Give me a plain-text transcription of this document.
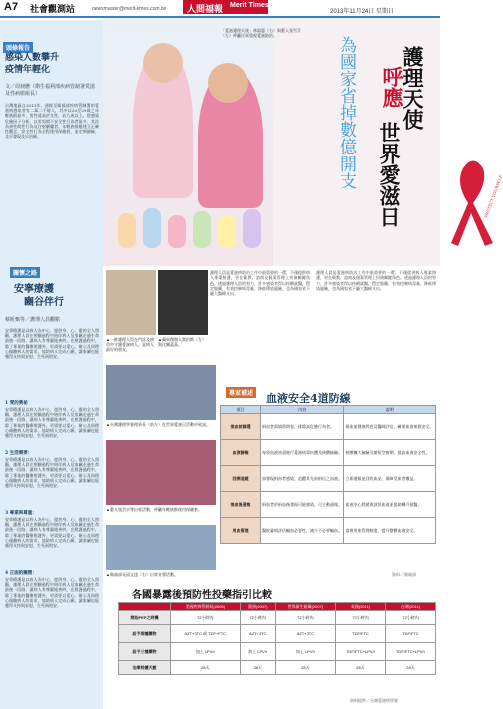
A7 社會觀測站	newsmaster@merit-times.com.tw	人間福報 Merit Times
2013年11月24日 星期日
頭條報告
感染人數攀升
疫情年輕化
文／周昶懋（衛生福利部疾病管制署愛滋及性病組組長）
台灣地區自2013年，通報至衛福部疾病管制署的愛滋病感染者有二萬二千餘人，其中以20至29歲之年輕族群最多，男性遠高於女性，佔九成以上。從感染危險因子分析，以男男間不安全性行為者最多，其次為異性間性行為及注射藥癮者。年輕族群應建立正確性觀念，安全性行為全程使用保險套，並定期篩檢，及早發現及早治療。
關懷之路
安寧療護
豳谷伴行
蔡昕甄等／護理人員觀點
安寧療護是以病人為中心，提供身、心、靈的全人照顧，護理人員在照顧過程中陪伴病人及家屬走過生命最後一段路，讓病人有尊嚴地善終。在照護過程中，除了專業的醫療照護外，更需要以愛心、耐心及同理心傾聽病人的需求，協助病人完成心願，讓家屬也能獲得支持與安慰，生死兩相安。
1 愛的奧祕
安寧療護是以病人為中心，提供身、心、靈的全人照顧，護理人員在照顧過程中陪伴病人及家屬走過生命最後一段路，讓病人有尊嚴地善終。在照護過程中，除了專業的醫療照護外，更需要以愛心、耐心及同理心傾聽病人的需求，協助病人完成心願，讓家屬也能獲得支持與安慰，生死兩相安。
2 生活需要：
安寧療護是以病人為中心，提供身、心、靈的全人照顧，護理人員在照顧過程中陪伴病人及家屬走過生命最後一段路，讓病人有尊嚴地善終。在照護過程中，除了專業的醫療照護外，更需要以愛心、耐心及同理心傾聽病人的需求，協助病人完成心願，讓家屬也能獲得支持與安慰，生死兩相安。
3 專業與尊重：
安寧療護是以病人為中心，提供身、心、靈的全人照顧，護理人員在照顧過程中陪伴病人及家屬走過生命最後一段路，讓病人有尊嚴地善終。在照護過程中，除了專業的醫療照護外，更需要以愛心、耐心及同理心傾聽病人的需求，協助病人完成心願，讓家屬也能獲得支持與安慰，生死兩相安。
4 正面的關懷：
安寧療護是以病人為中心，提供身、心、靈的全人照顧，護理人員在照顧過程中陪伴病人及家屬走過生命最後一段路，讓病人有尊嚴地善終。在照護過程中，除了專業的醫療照護外，更需要以愛心、耐心及同理心傾聽病人的需求，協助病人完成心願，讓家屬也能獲得支持與安慰，生死兩相安。
「愛滋護理天使」林淑惠（右）與藝人張雪芬（左）呼籲民眾重視愛滋防治。
為國家省掉數億開支 呼應
護理天使
世界愛滋日	PROTECT YOURSELF
護理人員是愛滋病防治工作中最重要的一環，不僅提供病人專業照護，更在衛教、諮商及個案管理上扮演關鍵角色。透過護理人員的努力，許多感染者得以持續就醫，穩定服藥，有效控制病毒量，降低傳染風險，也為國家省下龐大醫療支出。
護理人員是愛滋病防治工作中最重要的一環，不僅提供病人專業照護，更在衛教、諮商及個案管理上扮演關鍵角色。透過護理人員的努力，許多感染者得以持續就醫，穩定服藥，有效控制病毒量，降低傳染風險，也為國家省下龐大醫療支出。
▲一群護理人員在門診及病房中守護愛滋病人，是病人最好的朋友。
▲蘋果創辦人賈伯斯（左）與比爾蓋茲。
▲台灣護理學會理事長（前左）在世界愛滋日活動中致詞。
▲藝人張芸京等出席活動，呼籲年輕族群使用保險套。
▲衛福部長邱文達（右）出席宣導活動。
專家補述 血液安全4道防線
項目	內容	說明
捐血前篩選	捐血者需填寫問卷，排除高危險行為者。	捐血前健康問卷及醫師評估，確保血液來源安全。
血液篩檢	每袋血液皆須進行愛滋病毒抗體及核酸檢驗。	核酸擴大檢驗可縮短空窗期，提高血液安全性。
回溯追蹤	如發現捐血者感染，追蹤其先前捐出之血液。	立即通報並回收血品，保障受血者權益。
捐血後通報	捐血者於捐血後發現可能感染，可主動通報。	血液中心將銷毀該袋血液並協助轉介就醫。
用血管理	醫院審慎評估輸血必要性，減少不必要輸血。	落實用血管理制度，提升整體血液安全。
資料／衛福部
各國暴露後預防性投藥指引比較
	美國疾病管制局(2005)	澳洲(2007)	世界衛生組織(2007)	英國(2011)	台灣(2011)
開始PEP之時機	72小時內	72小時內	72小時內	72小時內	72小時內
給予兩種藥物	AZT+3TC 或 TDF+FTC	AZT+3TC	AZT+3TC	TDF/FTC	TDF/FTC
給予三種藥物	加上 LPV/r	加上 LPV/r	加上 LPV/r	TDF/FTC+LPV/r	TDF/FTC+LPV/r
治療持續天數	28天	28天	28天	28天	28天
資料提供／台灣愛滋病學會
